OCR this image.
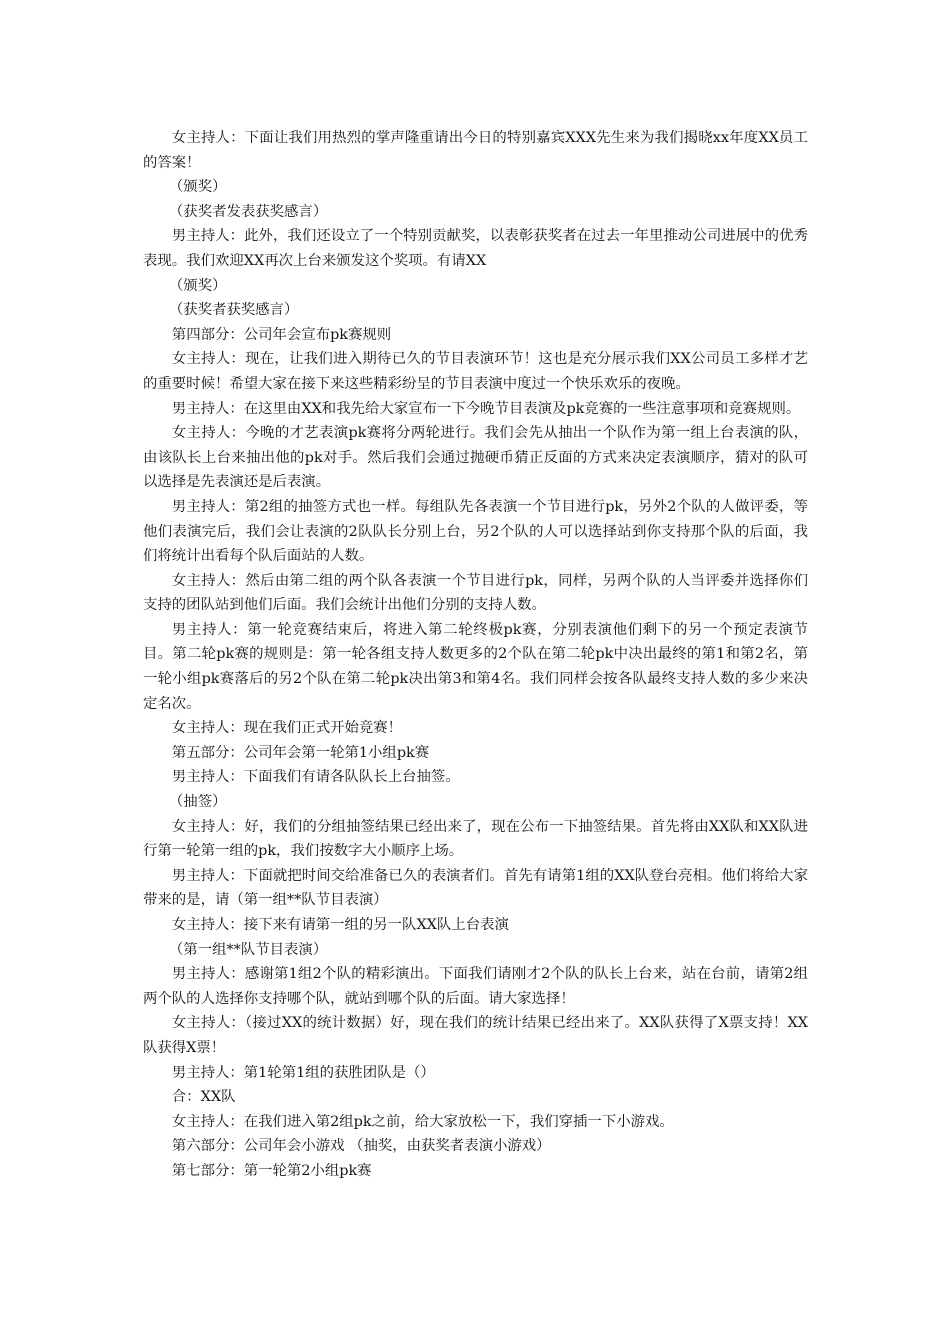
女主持人：下面让我们用热烈的掌声隆重请出今日的特别嘉宾XXX先生来为我们揭晓xx年度XX员工的答案！

（颁奖）

（获奖者发表获奖感言）

男主持人：此外，我们还设立了一个特别贡献奖，以表彰获奖者在过去一年里推动公司进展中的优秀表现。我们欢迎XX再次上台来颁发这个奖项。有请XX

（颁奖）

（获奖者获奖感言）

第四部分：公司年会宣布pk赛规则

女主持人：现在，让我们进入期待已久的节目表演环节！这也是充分展示我们XX公司员工多样才艺的重要时候！希望大家在接下来这些精彩纷呈的节目表演中度过一个快乐欢乐的夜晚。

男主持人：在这里由XX和我先给大家宣布一下今晚节目表演及pk竞赛的一些注意事项和竞赛规则。

女主持人：今晚的才艺表演pk赛将分两轮进行。我们会先从抽出一个队作为第一组上台表演的队，由该队长上台来抽出他的pk对手。然后我们会通过抛硬币猜正反面的方式来决定表演顺序，猜对的队可以选择是先表演还是后表演。

男主持人：第2组的抽签方式也一样。每组队先各表演一个节目进行pk，另外2个队的人做评委，等他们表演完后，我们会让表演的2队队长分别上台，另2个队的人可以选择站到你支持那个队的后面，我们将统计出看每个队后面站的人数。

女主持人：然后由第二组的两个队各表演一个节目进行pk，同样，另两个队的人当评委并选择你们支持的团队站到他们后面。我们会统计出他们分别的支持人数。

男主持人：第一轮竞赛结束后，将进入第二轮终极pk赛，分别表演他们剩下的另一个预定表演节目。第二轮pk赛的规则是：第一轮各组支持人数更多的2个队在第二轮pk中决出最终的第1和第2名，第一轮小组pk赛落后的另2个队在第二轮pk决出第3和第4名。我们同样会按各队最终支持人数的多少来决定名次。

女主持人：现在我们正式开始竞赛！

第五部分：公司年会第一轮第1小组pk赛

男主持人：下面我们有请各队队长上台抽签。

（抽签）

女主持人：好，我们的分组抽签结果已经出来了，现在公布一下抽签结果。首先将由XX队和XX队进行第一轮第一组的pk，我们按数字大小顺序上场。

男主持人：下面就把时间交给准备已久的表演者们。首先有请第1组的XX队登台亮相。他们将给大家带来的是，请（第一组**队节目表演）

女主持人：接下来有请第一组的另一队XX队上台表演

（第一组**队节目表演）

男主持人：感谢第1组2个队的精彩演出。下面我们请刚才2个队的队长上台来，站在台前，请第2组两个队的人选择你支持哪个队，就站到哪个队的后面。请大家选择！

女主持人：（接过XX的统计数据）好，现在我们的统计结果已经出来了。XX队获得了X票支持！XX队获得X票！

男主持人：第1轮第1组的获胜团队是（）

合：XX队

女主持人：在我们进入第2组pk之前，给大家放松一下，我们穿插一下小游戏。

第六部分：公司年会小游戏 （抽奖，由获奖者表演小游戏）

第七部分：第一轮第2小组pk赛
